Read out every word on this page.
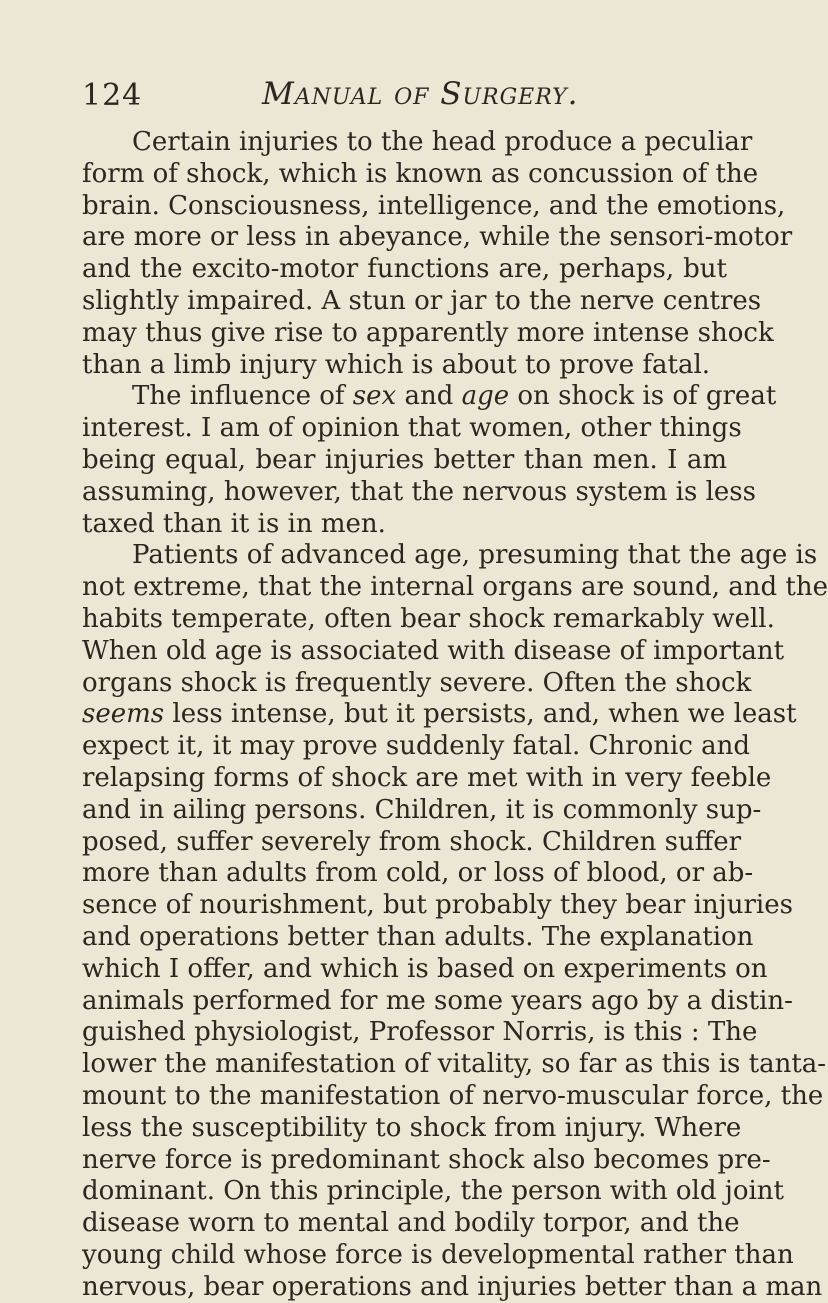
124	Manual of Surgery.
Certain injuries to the head produce a peculiar
form of shock, which is known as concussion of the
brain. Consciousness, intelligence, and the emotions,
are more or less in abeyance, while the sensori-motor
and the excito-motor functions are, perhaps, but
slightly impaired. A stun or jar to the nerve centres
may thus give rise to apparently more intense shock
than a limb injury which is about to prove fatal.
The influence of sex and age on shock is of great
interest. I am of opinion that women, other things
being equal, bear injuries better than men. I am
assuming, however, that the nervous system is less
taxed than it is in men.
Patients of advanced age, presuming that the age is
not extreme, that the internal organs are sound, and the
habits temperate, often bear shock remarkably well.
When old age is associated with disease of important
organs shock is frequently severe. Often the shock
seems less intense, but it persists, and, when we least
expect it, it may prove suddenly fatal. Chronic and
relapsing forms of shock are met with in very feeble
and in ailing persons. Children, it is commonly sup-
posed, suffer severely from shock. Children suffer
more than adults from cold, or loss of blood, or ab-
sence of nourishment, but probably they bear injuries
and operations better than adults. The explanation
which I offer, and which is based on experiments on
animals performed for me some years ago by a distin-
guished physiologist, Professor Norris, is this : The
lower the manifestation of vitality, so far as this is tanta-
mount to the manifestation of nervo-muscular force, the
less the susceptibility to shock from injury. Where
nerve force is predominant shock also becomes pre-
dominant. On this principle, the person with old joint
disease worn to mental and bodily torpor, and the
young child whose force is developmental rather than
nervous, bear operations and injuries better than a man
